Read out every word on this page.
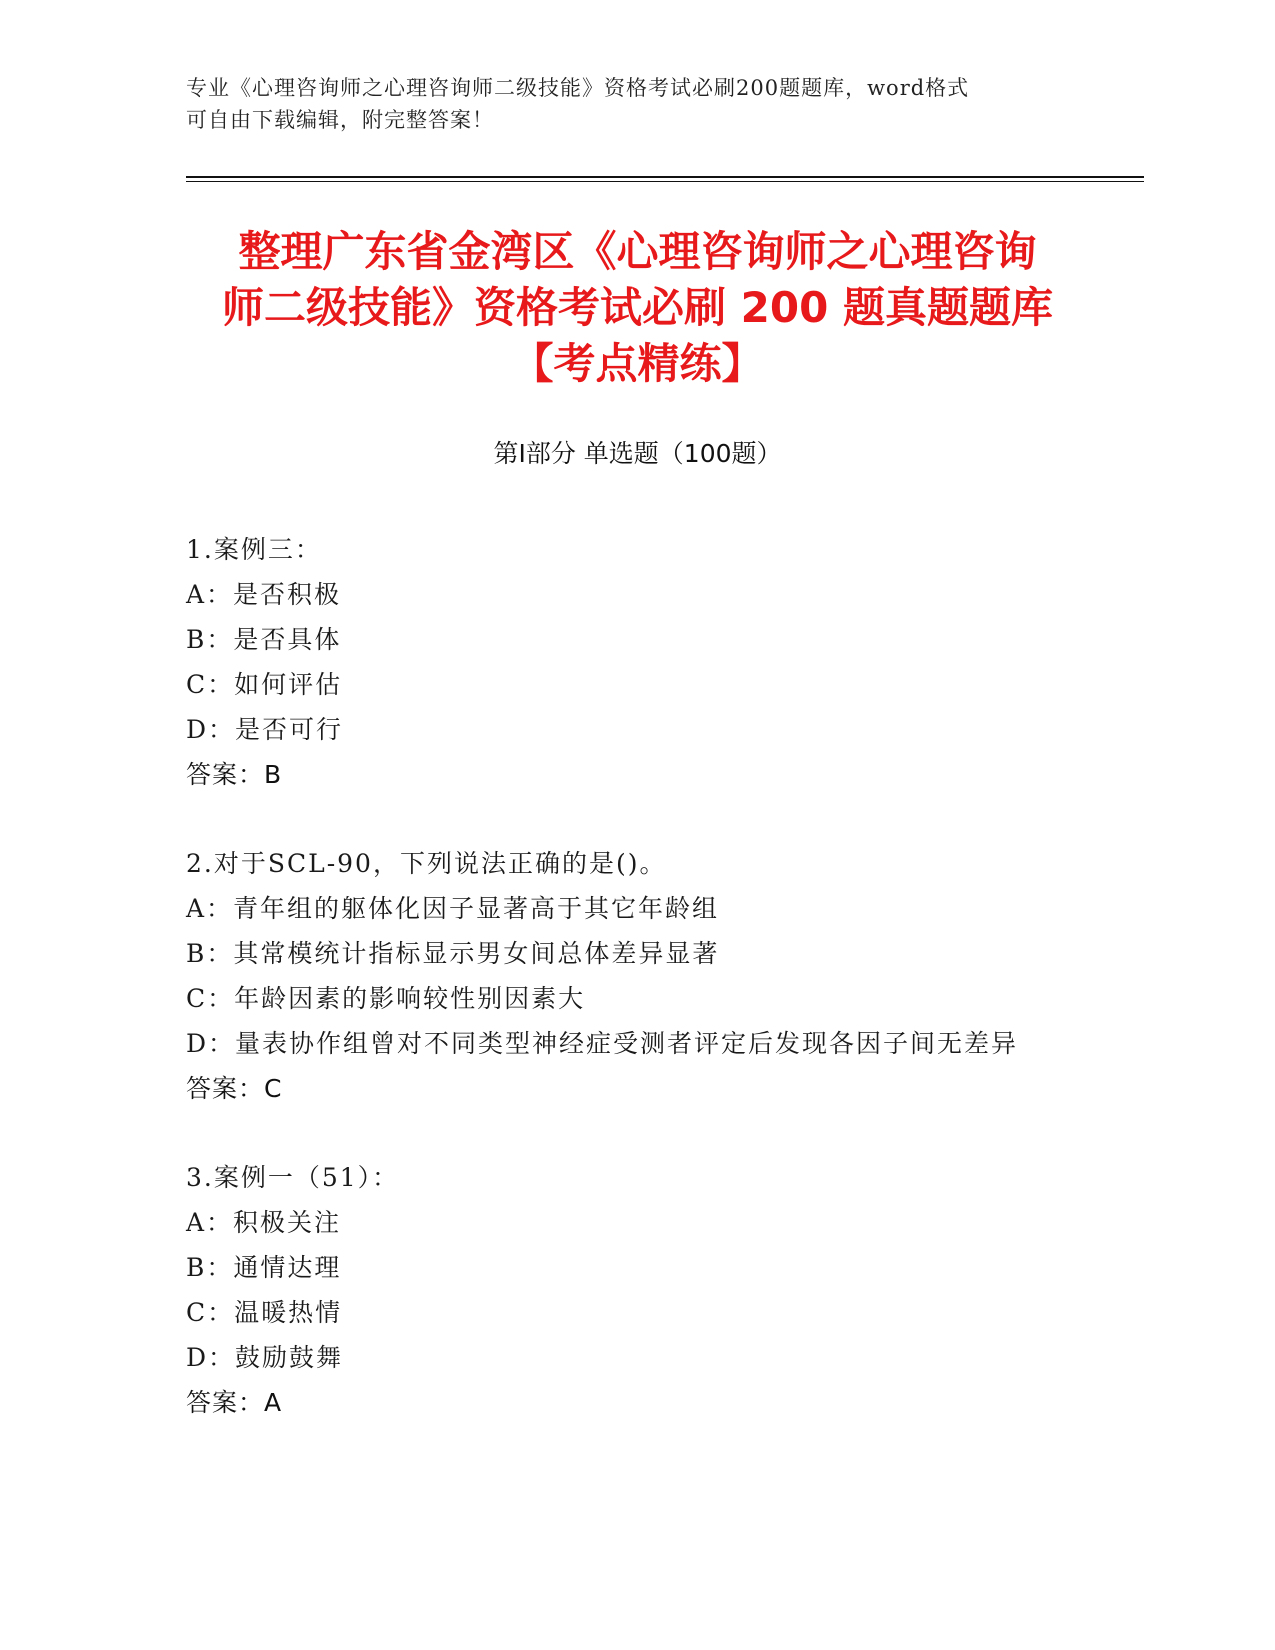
专业《心理咨询师之心理咨询师二级技能》资格考试必刷200题题库，word格式
可自由下载编辑，附完整答案！
整理广东省金湾区《心理咨询师之心理咨询
师二级技能》资格考试必刷 200 题真题题库
【考点精练】
第Ⅰ部分 单选题（100题）
1.案例三：
A：是否积极
B：是否具体
C：如何评估
D：是否可行
答案：B
2.对于SCL-90，下列说法正确的是()。
A：青年组的躯体化因子显著高于其它年龄组
B：其常模统计指标显示男女间总体差异显著
C：年龄因素的影响较性别因素大
D：量表协作组曾对不同类型神经症受测者评定后发现各因子间无差异
答案：C
3.案例一（51）：
A：积极关注
B：通情达理
C：温暖热情
D：鼓励鼓舞
答案：A
